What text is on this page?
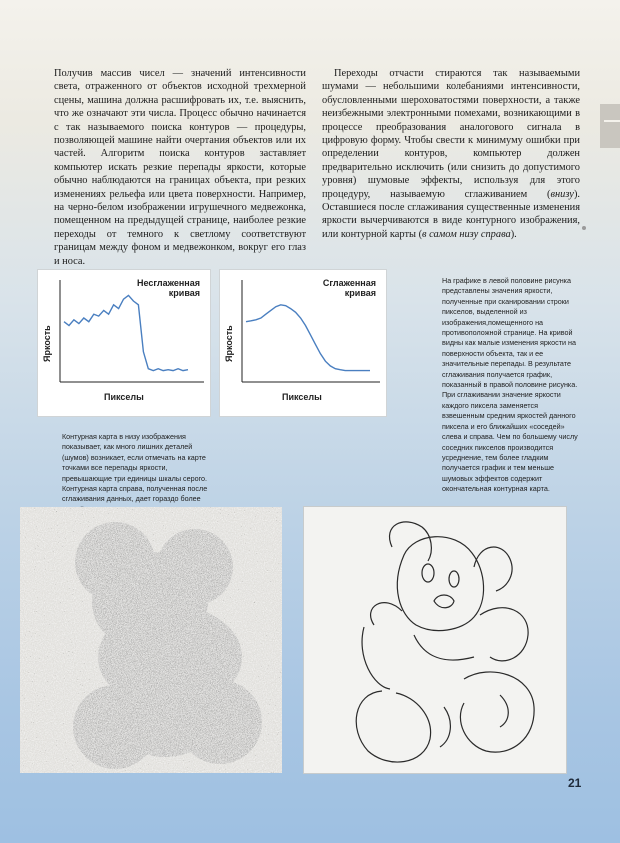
Получив массив чисел — значений интенсивности света, отраженного от объектов исходной трехмерной сцены, машина должна расшифровать их, т.е. выяснить, что же означают эти числа. Процесс обычно начинается с так называемого поиска контуров — процедуры, позволяющей машине найти очертания объектов или их частей. Алгоритм поиска контуров заставляет компьютер искать резкие перепады яркости, которые обычно наблюдаются на границах объекта, при резких изменениях рельефа или цвета поверхности. Например, на черно-белом изображении игрушечного медвежонка, помещенном на предыдущей странице, наиболее резкие переходы от темного к светлому соответствуют границам между фоном и медвежонком, вокруг его глаз и носа.
Переходы отчасти стираются так называемыми шумами — небольшими колебаниями интенсивности, обусловленными шероховатостями поверхности, а также неизбежными электронными помехами, возникающими в процессе преобразования аналогового сигнала в цифровую форму. Чтобы свести к минимуму ошибки при определении контуров, компьютер должен предварительно исключить (или снизить до допустимого уровня) шумовые эффекты, используя для этого процедуру, называемую сглаживанием (внизу). Оставшиеся после сглаживания существенные изменения яркости вычерчиваются в виде контурного изображения, или контурной карты (в самом низу справа).
Несглаженная
кривая
Яркость
Пикселы
Сглаженная
кривая
Яркость
Пикселы
На графике в левой половине рисунка представлены значения яркости, полученные при сканировании строки пикселов, выделенной из изображения,помещенного на противоположной странице. На кривой видны как малые изменения яркости на поверхности объекта, так и ее значительные перепады. В результате сглаживания получается график, показанный в правой половине рисунка. При сглаживании значение яркости каждого пиксела заменяется взвешенным средним яркостей данного пиксела и его ближайших «соседей» слева и справа. Чем по большему числу соседних пикселов производится усреднение, тем более гладким получается график и тем меньше шумовых эффектов содержит окончательная контурная карта.
Контурная карта в низу изображения показывает, как много лишних деталей (шумов) возникает, если отмечать на карте точками все перепады яркости, превышающие три единицы шкалы серого. Контурная карта справа, полученная после сглаживания данных, дает гораздо более
21
